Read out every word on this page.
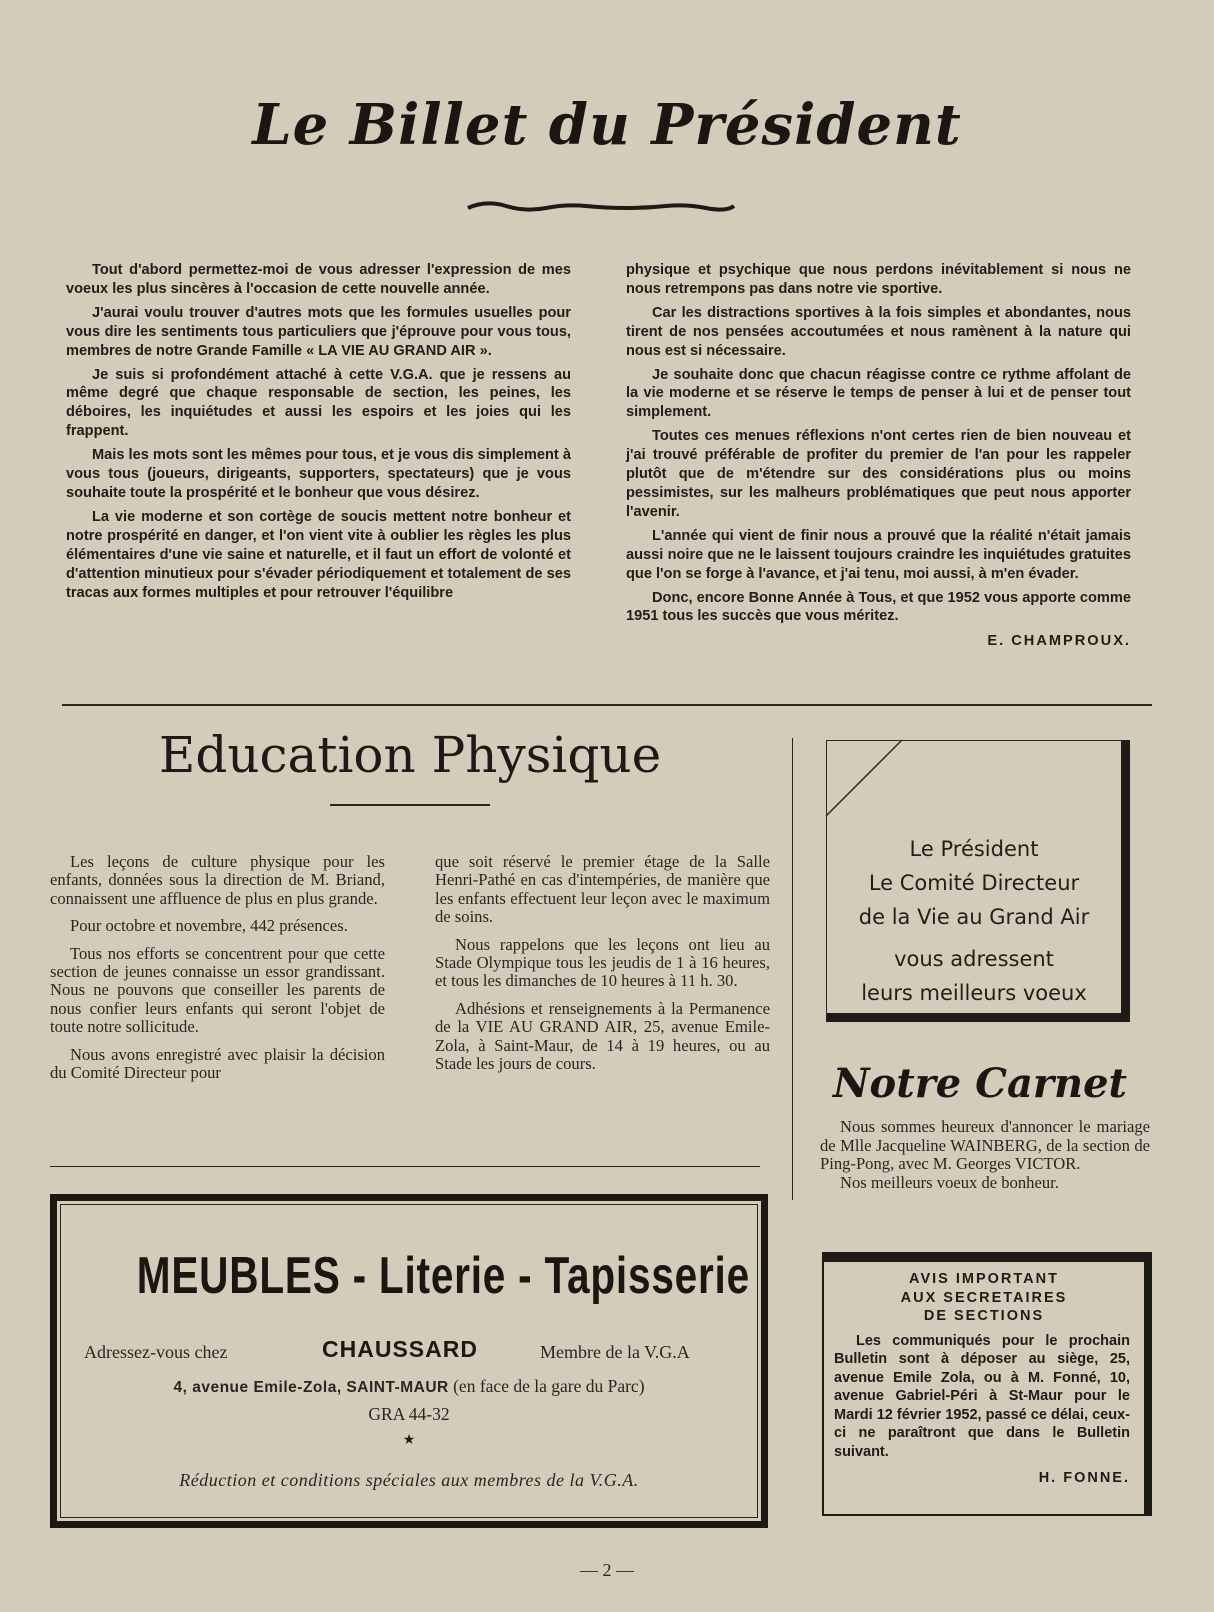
Le Billet du Président

Tout d'abord permettez-moi de vous adresser l'expression de mes voeux les plus sincères à l'occasion de cette nouvelle année.

J'aurai voulu trouver d'autres mots que les formules usuelles pour vous dire les sentiments tous particuliers que j'éprouve pour vous tous, membres de notre Grande Famille « LA VIE AU GRAND AIR ».

Je suis si profondément attaché à cette V.G.A. que je ressens au même degré que chaque responsable de section, les peines, les déboires, les inquiétudes et aussi les espoirs et les joies qui les frappent.

Mais les mots sont les mêmes pour tous, et je vous dis simplement à vous tous (joueurs, dirigeants, supporters, spectateurs) que je vous souhaite toute la prospérité et le bonheur que vous désirez.

La vie moderne et son cortège de soucis mettent notre bonheur et notre prospérité en danger, et l'on vient vite à oublier les règles les plus élémentaires d'une vie saine et naturelle, et il faut un effort de volonté et d'attention minutieux pour s'évader périodiquement et totalement de ses tracas aux formes multiples et pour retrouver l'équilibre

physique et psychique que nous perdons inévitablement si nous ne nous retrempons pas dans notre vie sportive.

Car les distractions sportives à la fois simples et abondantes, nous tirent de nos pensées accoutumées et nous ramènent à la nature qui nous est si nécessaire.

Je souhaite donc que chacun réagisse contre ce rythme affolant de la vie moderne et se réserve le temps de penser à lui et de penser tout simplement.

Toutes ces menues réflexions n'ont certes rien de bien nouveau et j'ai trouvé préférable de profiter du premier de l'an pour les rappeler plutôt que de m'étendre sur des considérations plus ou moins pessimistes, sur les malheurs problématiques que peut nous apporter l'avenir.

L'année qui vient de finir nous a prouvé que la réalité n'était jamais aussi noire que ne le laissent toujours craindre les inquiétudes gratuites que l'on se forge à l'avance, et j'ai tenu, moi aussi, à m'en évader.

Donc, encore Bonne Année à Tous, et que 1952 vous apporte comme 1951 tous les succès que vous méritez.

E. CHAMPROUX.
Education Physique

Les leçons de culture physique pour les enfants, données sous la direction de M. Briand, connaissent une affluence de plus en plus grande.

Pour octobre et novembre, 442 présences.

Tous nos efforts se concentrent pour que cette section de jeunes connaisse un essor grandissant. Nous ne pouvons que conseiller les parents de nous confier leurs enfants qui seront l'objet de toute notre sollicitude.

Nous avons enregistré avec plaisir la décision du Comité Directeur pour

que soit réservé le premier étage de la Salle Henri-Pathé en cas d'intempéries, de manière que les enfants effectuent leur leçon avec le maximum de soins.

Nous rappelons que les leçons ont lieu au Stade Olympique tous les jeudis de 1 à 16 heures, et tous les dimanches de 10 heures à 11 h. 30.

Adhésions et renseignements à la Permanence de la VIE AU GRAND AIR, 25, avenue Emile-Zola, à Saint-Maur, de 14 à 19 heures, ou au Stade les jours de cours.

Le Président
Le Comité Directeur
de la Vie au Grand Air
vous adressent
leurs meilleurs voeux
Notre Carnet

Nous sommes heureux d'annoncer le mariage de Mlle Jacqueline WAINBERG, de la section de Ping-Pong, avec M. Georges VICTOR.

Nos meilleurs voeux de bonheur.

AVIS IMPORTANT
AUX SECRETAIRES
DE SECTIONS
Les communiqués pour le prochain Bulletin sont à déposer au siège, 25, avenue Emile Zola, ou à M. Fonné, 10, avenue Gabriel-Péri à St-Maur pour le Mardi 12 février 1952, passé ce délai, ceux-ci ne paraîtront que dans le Bulletin suivant.
H. FONNE.
MEUBLES - Literie - Tapisserie
Adressez-vous chez	CHAUSSARD	Membre de la V.G.A
4, avenue Emile-Zola, SAINT-MAUR (en face de la gare du Parc)
GRA 44-32
★
Réduction et conditions spéciales aux membres de la V.G.A.
— 2 —
